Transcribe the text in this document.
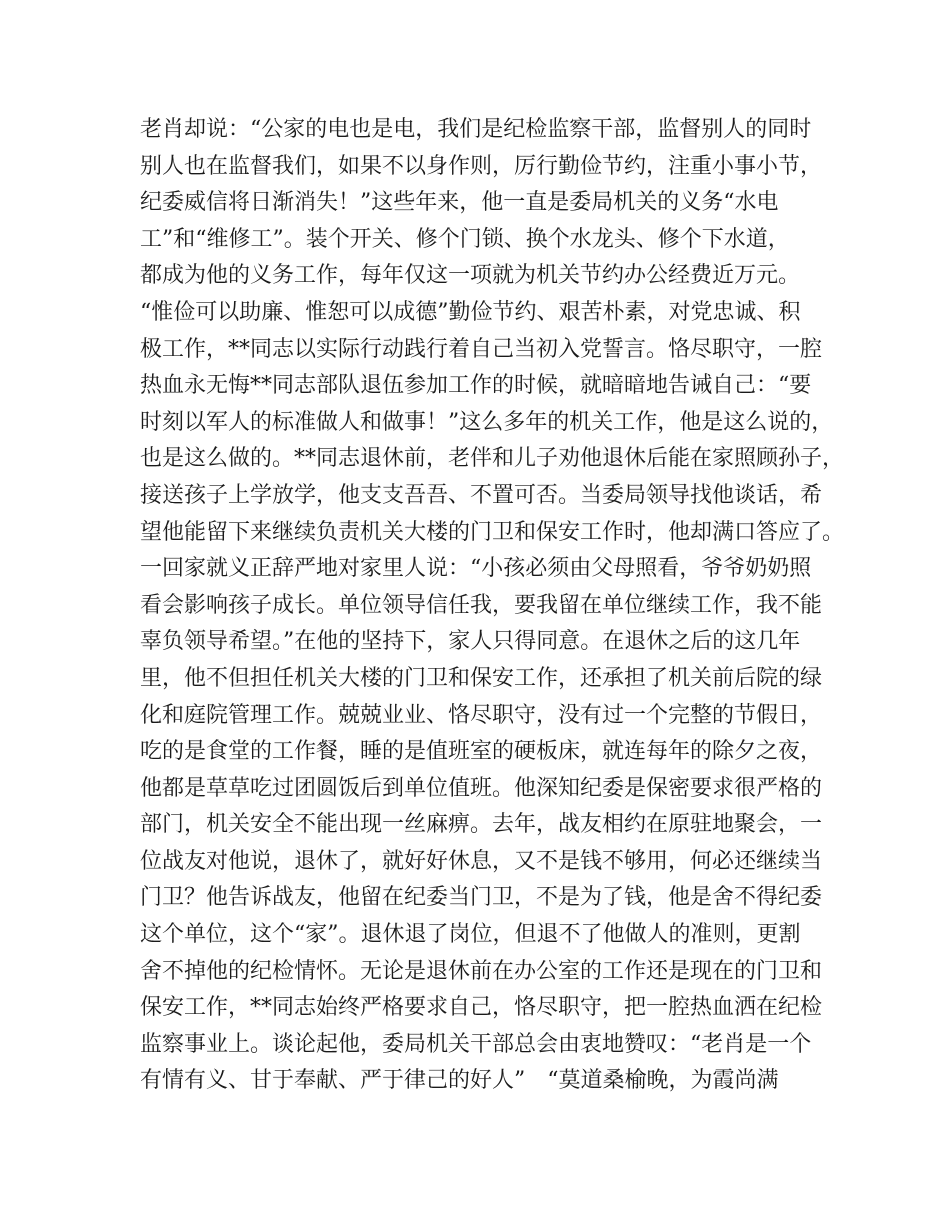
老肖却说：“公家的电也是电，我们是纪检监察干部，监督别人的同时
别人也在监督我们，如果不以身作则，厉行勤俭节约，注重小事小节，
纪委威信将日渐消失！”这些年来，他一直是委局机关的义务“水电
工”和“维修工”。装个开关、修个门锁、换个水龙头、修个下水道，
都成为他的义务工作，每年仅这一项就为机关节约办公经费近万元。
“惟俭可以助廉、惟恕可以成德”勤俭节约、艰苦朴素，对党忠诚、积
极工作，**同志以实际行动践行着自己当初入党誓言。恪尽职守，一腔
热血永无悔**同志部队退伍参加工作的时候，就暗暗地告诫自己：“要
时刻以军人的标准做人和做事！”这么多年的机关工作，他是这么说的，
也是这么做的。**同志退休前，老伴和儿子劝他退休后能在家照顾孙子，
接送孩子上学放学，他支支吾吾、不置可否。当委局领导找他谈话，希
望他能留下来继续负责机关大楼的门卫和保安工作时，他却满口答应了。
一回家就义正辞严地对家里人说：“小孩必须由父母照看，爷爷奶奶照
看会影响孩子成长。单位领导信任我，要我留在单位继续工作，我不能
辜负领导希望。”在他的坚持下，家人只得同意。在退休之后的这几年
里，他不但担任机关大楼的门卫和保安工作，还承担了机关前后院的绿
化和庭院管理工作。兢兢业业、恪尽职守，没有过一个完整的节假日，
吃的是食堂的工作餐，睡的是值班室的硬板床，就连每年的除夕之夜，
他都是草草吃过团圆饭后到单位值班。他深知纪委是保密要求很严格的
部门，机关安全不能出现一丝麻痹。去年，战友相约在原驻地聚会，一
位战友对他说，退休了，就好好休息，又不是钱不够用，何必还继续当
门卫？他告诉战友，他留在纪委当门卫，不是为了钱，他是舍不得纪委
这个单位，这个“家”。退休退了岗位，但退不了他做人的准则，更割
舍不掉他的纪检情怀。无论是退休前在办公室的工作还是现在的门卫和
保安工作，**同志始终严格要求自己，恪尽职守，把一腔热血洒在纪检
监察事业上。谈论起他，委局机关干部总会由衷地赞叹：“老肖是一个
有情有义、甘于奉献、严于律己的好人”　“莫道桑榆晚，为霞尚满
